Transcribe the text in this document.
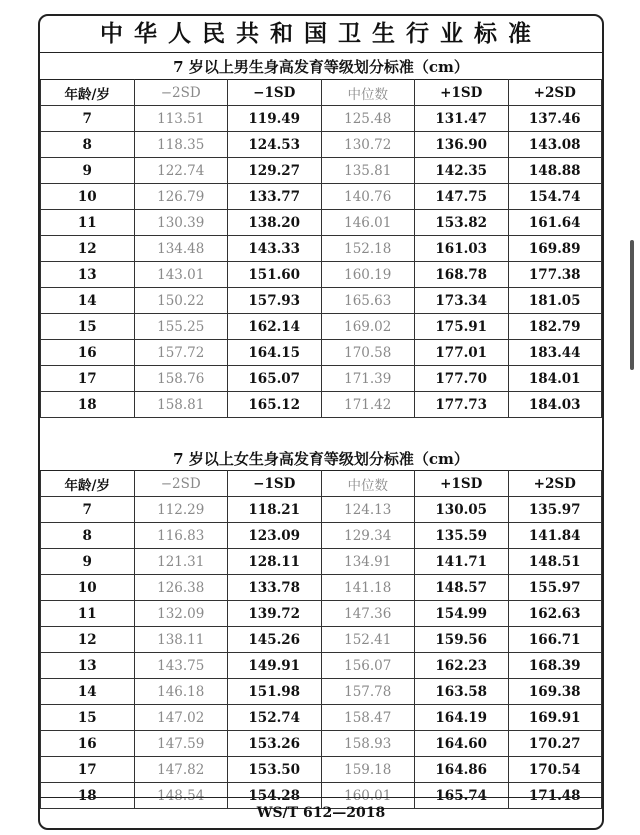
中华人民共和国卫生行业标准
7 岁以上男生身高发育等级划分标准（cm）
年龄/岁	−2SD	−1SD	中位数	+1SD	+2SD
7	113.51	119.49	125.48	131.47	137.46
8	118.35	124.53	130.72	136.90	143.08
9	122.74	129.27	135.81	142.35	148.88
10	126.79	133.77	140.76	147.75	154.74
11	130.39	138.20	146.01	153.82	161.64
12	134.48	143.33	152.18	161.03	169.89
13	143.01	151.60	160.19	168.78	177.38
14	150.22	157.93	165.63	173.34	181.05
15	155.25	162.14	169.02	175.91	182.79
16	157.72	164.15	170.58	177.01	183.44
17	158.76	165.07	171.39	177.70	184.01
18	158.81	165.12	171.42	177.73	184.03
7 岁以上女生身高发育等级划分标准（cm）
年龄/岁	−2SD	−1SD	中位数	+1SD	+2SD
7	112.29	118.21	124.13	130.05	135.97
8	116.83	123.09	129.34	135.59	141.84
9	121.31	128.11	134.91	141.71	148.51
10	126.38	133.78	141.18	148.57	155.97
11	132.09	139.72	147.36	154.99	162.63
12	138.11	145.26	152.41	159.56	166.71
13	143.75	149.91	156.07	162.23	168.39
14	146.18	151.98	157.78	163.58	169.38
15	147.02	152.74	158.47	164.19	169.91
16	147.59	153.26	158.93	164.60	170.27
17	147.82	153.50	159.18	164.86	170.54
18	148.54	154.28	160.01	165.74	171.48
WS/T 612—2018
